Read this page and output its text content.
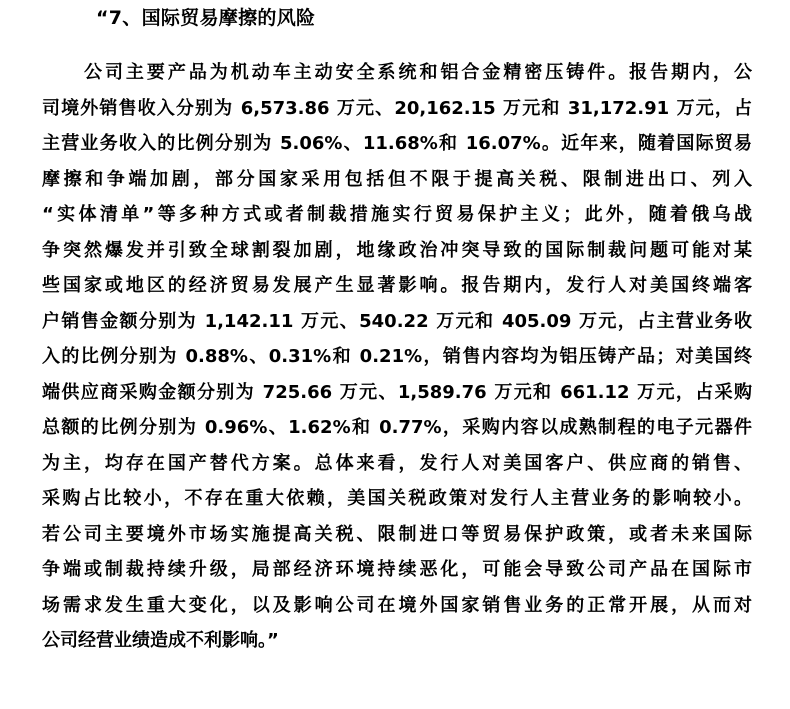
“7、国际贸易摩擦的风险
公司主要产品为机动车主动安全系统和铝合金精密压铸件。报告期内，公
司境外销售收入分别为 6,573.86 万元、20,162.15 万元和 31,172.91 万元，占
主营业务收入的比例分别为 5.06%、11.68%和 16.07%。近年来，随着国际贸易
摩擦和争端加剧，部分国家采用包括但不限于提高关税、限制进出口、列入
“实体清单”等多种方式或者制裁措施实行贸易保护主义；此外，随着俄乌战
争突然爆发并引致全球割裂加剧，地缘政治冲突导致的国际制裁问题可能对某
些国家或地区的经济贸易发展产生显著影响。报告期内，发行人对美国终端客
户销售金额分别为 1,142.11 万元、540.22 万元和 405.09 万元，占主营业务收
入的比例分别为 0.88%、0.31%和 0.21%，销售内容均为铝压铸产品；对美国终
端供应商采购金额分别为 725.66 万元、1,589.76 万元和 661.12 万元，占采购
总额的比例分别为 0.96%、1.62%和 0.77%，采购内容以成熟制程的电子元器件
为主，均存在国产替代方案。总体来看，发行人对美国客户、供应商的销售、
采购占比较小，不存在重大依赖，美国关税政策对发行人主营业务的影响较小。
若公司主要境外市场实施提高关税、限制进口等贸易保护政策，或者未来国际
争端或制裁持续升级，局部经济环境持续恶化，可能会导致公司产品在国际市
场需求发生重大变化，以及影响公司在境外国家销售业务的正常开展，从而对
公司经营业绩造成不利影响。”
